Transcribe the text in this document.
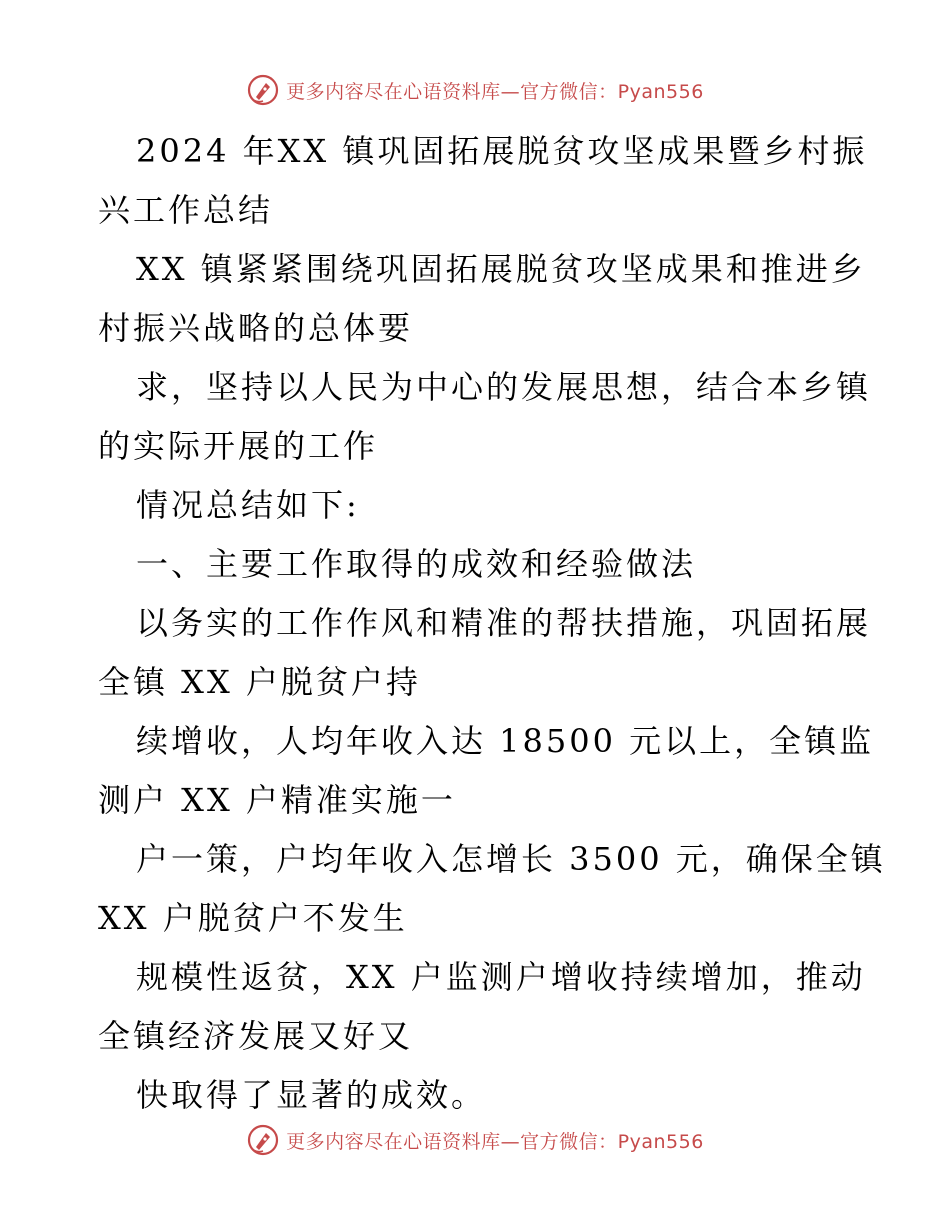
更多内容尽在心语资料库—官方微信：Pyan556
2024 年XX 镇巩固拓展脱贫攻坚成果暨乡村振
兴工作总结
XX 镇紧紧围绕巩固拓展脱贫攻坚成果和推进乡
村振兴战略的总体要
求，坚持以人民为中心的发展思想，结合本乡镇
的实际开展的工作
情况总结如下:
一、主要工作取得的成效和经验做法
以务实的工作作风和精准的帮扶措施，巩固拓展
全镇 XX 户脱贫户持
续增收，人均年收入达 18500 元以上，全镇监
测户 XX 户精准实施一
户一策，户均年收入怎增长 3500 元，确保全镇
XX 户脱贫户不发生
规模性返贫，XX 户监测户增收持续增加，推动
全镇经济发展又好又
快取得了显著的成效。
更多内容尽在心语资料库—官方微信：Pyan556
